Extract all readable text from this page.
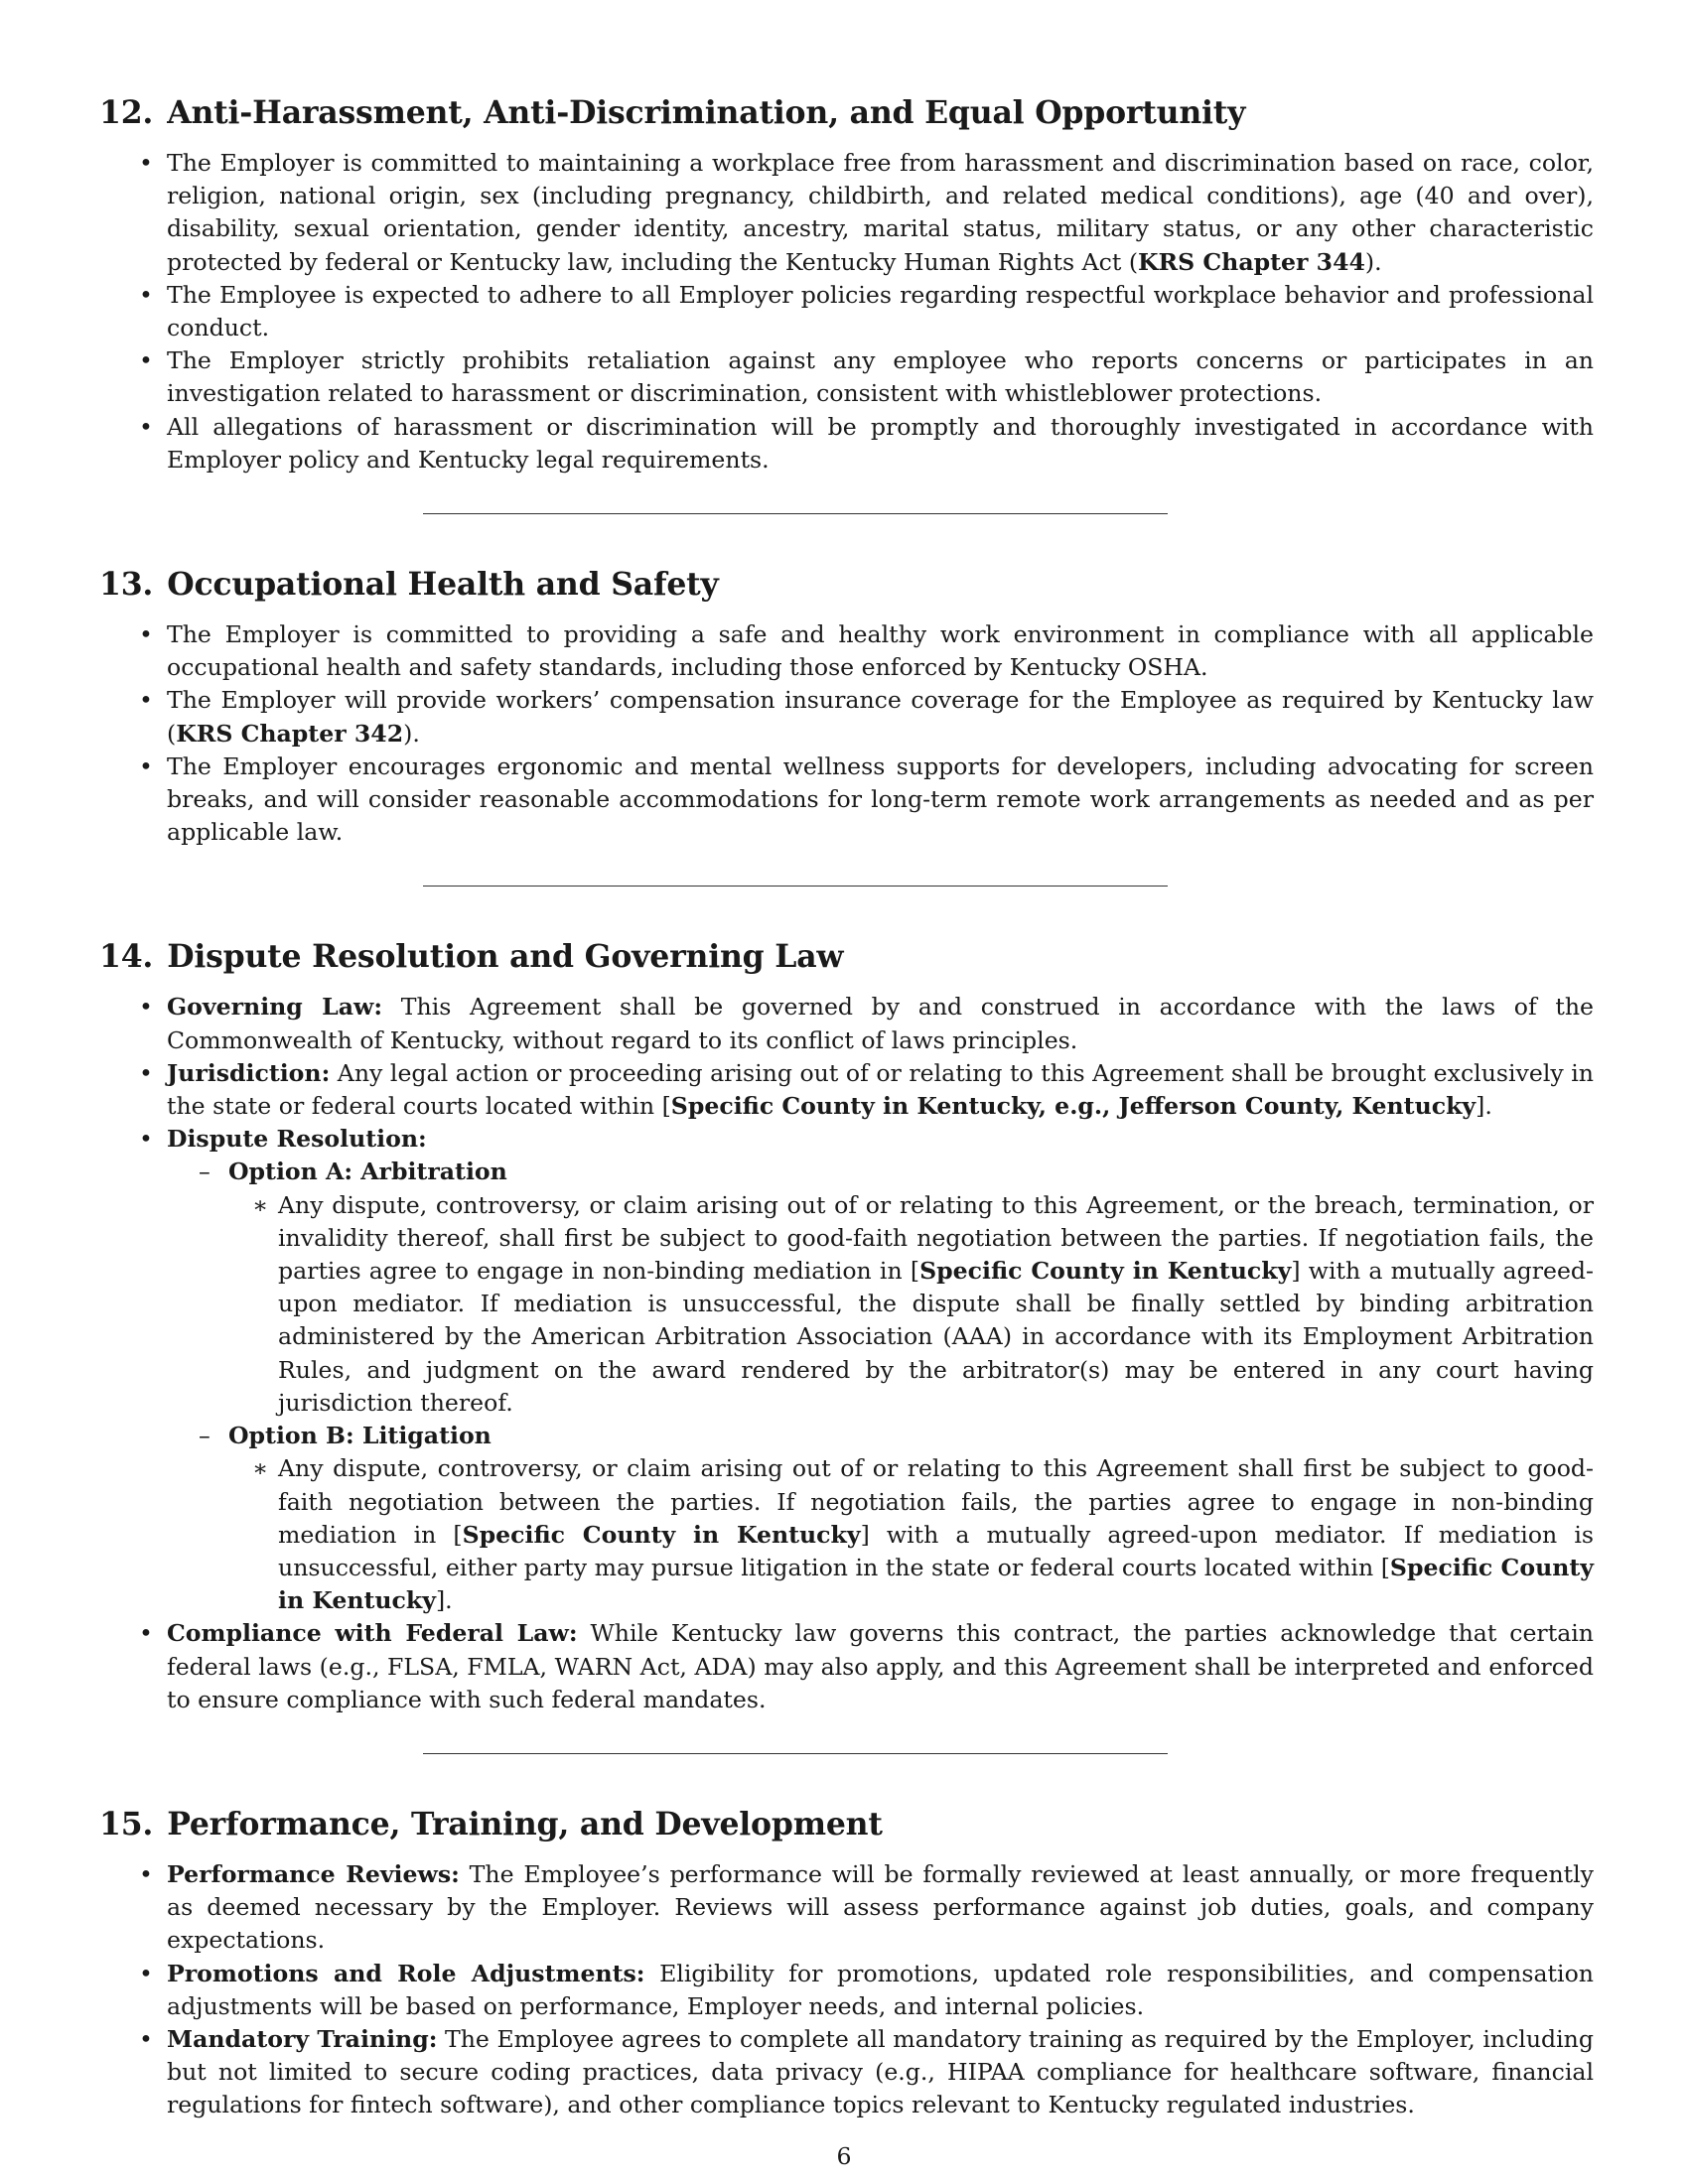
12. Anti-Harassment, Anti-Discrimination, and Equal Opportunity
• The Employer is committed to maintaining a workplace free from harassment and discrimination based on race, color, religion, national origin, sex (including pregnancy, childbirth, and related medical conditions), age (40 and over), disability, sexual orientation, gender identity, ancestry, marital status, military status, or any other characteristic protected by federal or Kentucky law, including the Kentucky Human Rights Act (KRS Chapter 344).
• The Employee is expected to adhere to all Employer policies regarding respectful workplace behavior and professional conduct.
• The Employer strictly prohibits retaliation against any employee who reports concerns or participates in an investigation related to harassment or discrimination, consistent with whistleblower protections.
• All allegations of harassment or discrimination will be promptly and thoroughly investigated in accordance with Employer policy and Kentucky legal requirements.
13. Occupational Health and Safety
• The Employer is committed to providing a safe and healthy work environment in compliance with all applicable occupational health and safety standards, including those enforced by Kentucky OSHA.
• The Employer will provide workers’ compensation insurance coverage for the Employee as required by Kentucky law (KRS Chapter 342).
• The Employer encourages ergonomic and mental wellness supports for developers, including advocating for screen breaks, and will consider reasonable accommodations for long-term remote work arrangements as needed and as per applicable law.
14. Dispute Resolution and Governing Law
• Governing Law: This Agreement shall be governed by and construed in accordance with the laws of the Commonwealth of Kentucky, without regard to its conflict of laws principles.
• Jurisdiction: Any legal action or proceeding arising out of or relating to this Agreement shall be brought exclusively in the state or federal courts located within [Specific County in Kentucky, e.g., Jefferson County, Kentucky].
• Dispute Resolution:
– Option A: Arbitration
∗ Any dispute, controversy, or claim arising out of or relating to this Agreement, or the breach, termination, or invalidity thereof, shall first be subject to good-faith negotiation between the parties. If negotiation fails, the parties agree to engage in non-binding mediation in [Specific County in Kentucky] with a mutually agreed-upon mediator. If mediation is unsuccessful, the dispute shall be finally settled by binding arbitration administered by the American Arbitration Association (AAA) in accordance with its Employment Arbitration Rules, and judgment on the award rendered by the arbitrator(s) may be entered in any court having jurisdiction thereof.
– Option B: Litigation
∗ Any dispute, controversy, or claim arising out of or relating to this Agreement shall first be subject to good-faith negotiation between the parties. If negotiation fails, the parties agree to engage in non-binding mediation in [Specific County in Kentucky] with a mutually agreed-upon mediator. If mediation is unsuccessful, either party may pursue litigation in the state or federal courts located within [Specific County in Kentucky].
• Compliance with Federal Law: While Kentucky law governs this contract, the parties acknowledge that certain federal laws (e.g., FLSA, FMLA, WARN Act, ADA) may also apply, and this Agreement shall be interpreted and enforced to ensure compliance with such federal mandates.
15. Performance, Training, and Development
• Performance Reviews: The Employee’s performance will be formally reviewed at least annually, or more frequently as deemed necessary by the Employer. Reviews will assess performance against job duties, goals, and company expectations.
• Promotions and Role Adjustments: Eligibility for promotions, updated role responsibilities, and compensation adjustments will be based on performance, Employer needs, and internal policies.
• Mandatory Training: The Employee agrees to complete all mandatory training as required by the Employer, including but not limited to secure coding practices, data privacy (e.g., HIPAA compliance for healthcare software, financial regulations for fintech software), and other compliance topics relevant to Kentucky regulated industries.
6
